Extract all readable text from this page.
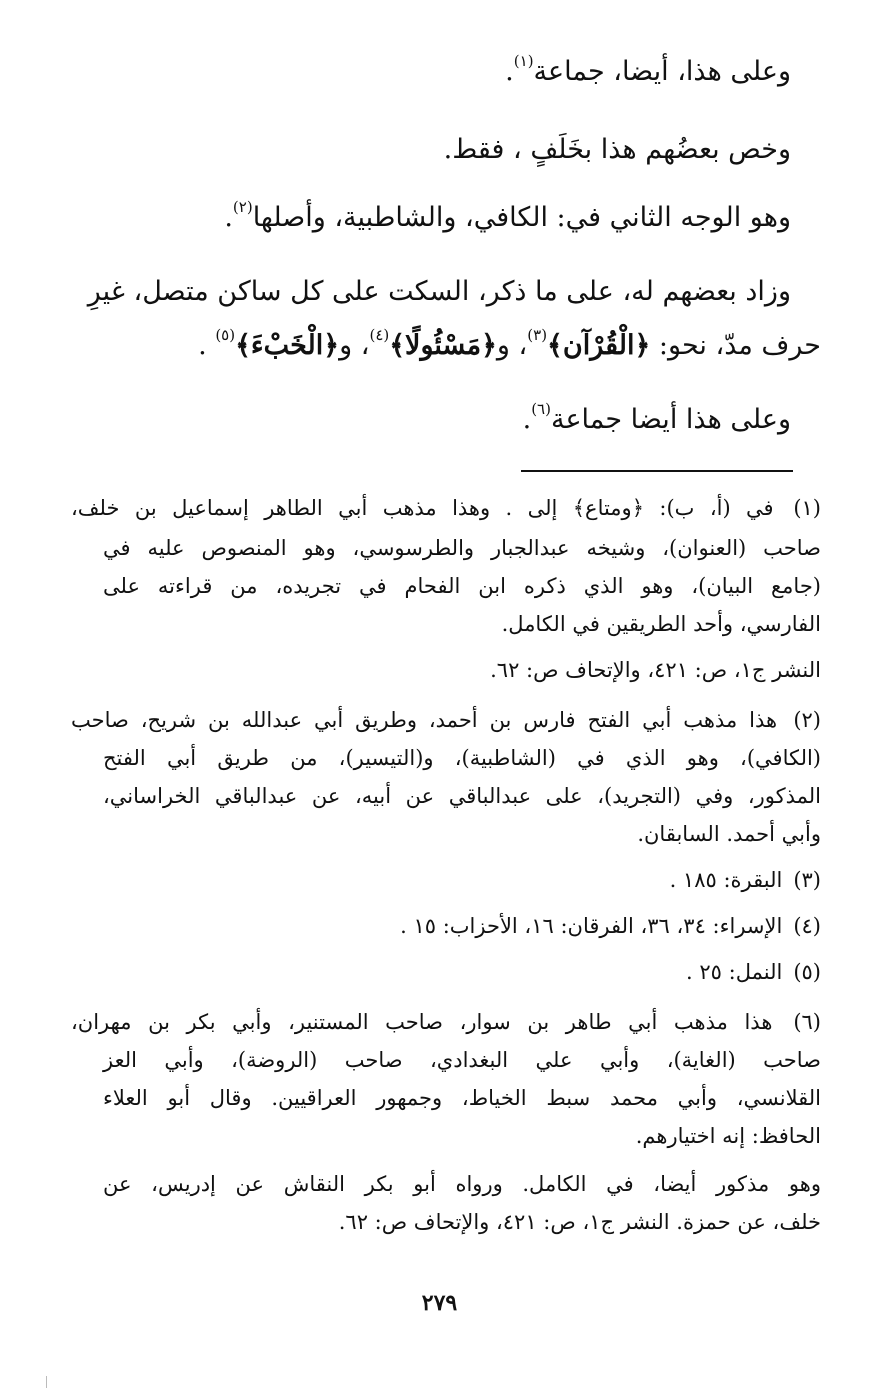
وعلى هذا، أيضا، جماعة$^{(١)}$.
وخص بعضُهم هذا بخَلَفٍ ، فقط.
وهو الوجه الثاني في: الكافي، والشاطبية، وأصلها$^{(٢)}$.
وزاد بعضهم له، على ما ذكر، السكت على كل ساكن متصل، غيرِ
حرف مدّ، نحو: ﴿الْقُرْآن﴾$^{(٣)}$، و﴿مَسْئُولًا﴾$^{(٤)}$، و﴿الْخَبْءَ﴾$^{(٥)}$ .
وعلى هذا أيضا جماعة$^{(٦)}$.
(١) في (أ، ب): ﴿ومتاع﴾ إلى . وهذا مذهب أبي الطاهر إسماعيل بن خلف،
صاحب (العنوان)، وشيخه عبدالجبار والطرسوسي، وهو المنصوص عليه في
(جامع البيان)، وهو الذي ذكره ابن الفحام في تجريده، من قراءته على
الفارسي، وأحد الطريقين في الكامل.
النشر ج١، ص: ٤٢١، والإتحاف ص: ٦٢.
(٢) هذا مذهب أبي الفتح فارس بن أحمد، وطريق أبي عبدالله بن شريح، صاحب
(الكافي)، وهو الذي في (الشاطبية)، و(التيسير)، من طريق أبي الفتح
المذكور، وفي (التجريد)، على عبدالباقي عن أبيه، عن عبدالباقي الخراساني،
وأبي أحمد. السابقان.
(٣) البقرة: ١٨٥ .
(٤) الإسراء: ٣٤، ٣٦، الفرقان: ١٦، الأحزاب: ١٥ .
(٥) النمل: ٢٥ .
(٦) هذا مذهب أبي طاهر بن سوار، صاحب المستنير، وأبي بكر بن مهران،
صاحب (الغاية)، وأبي علي البغدادي، صاحب (الروضة)، وأبي العز
القلانسي، وأبي محمد سبط الخياط، وجمهور العراقيين. وقال أبو العلاء
الحافظ: إنه اختيارهم.
وهو مذكور أيضا، في الكامل. ورواه أبو بكر النقاش عن إدريس، عن
خلف، عن حمزة. النشر ج١، ص: ٤٢١، والإتحاف ص: ٦٢.
٢٧٩
